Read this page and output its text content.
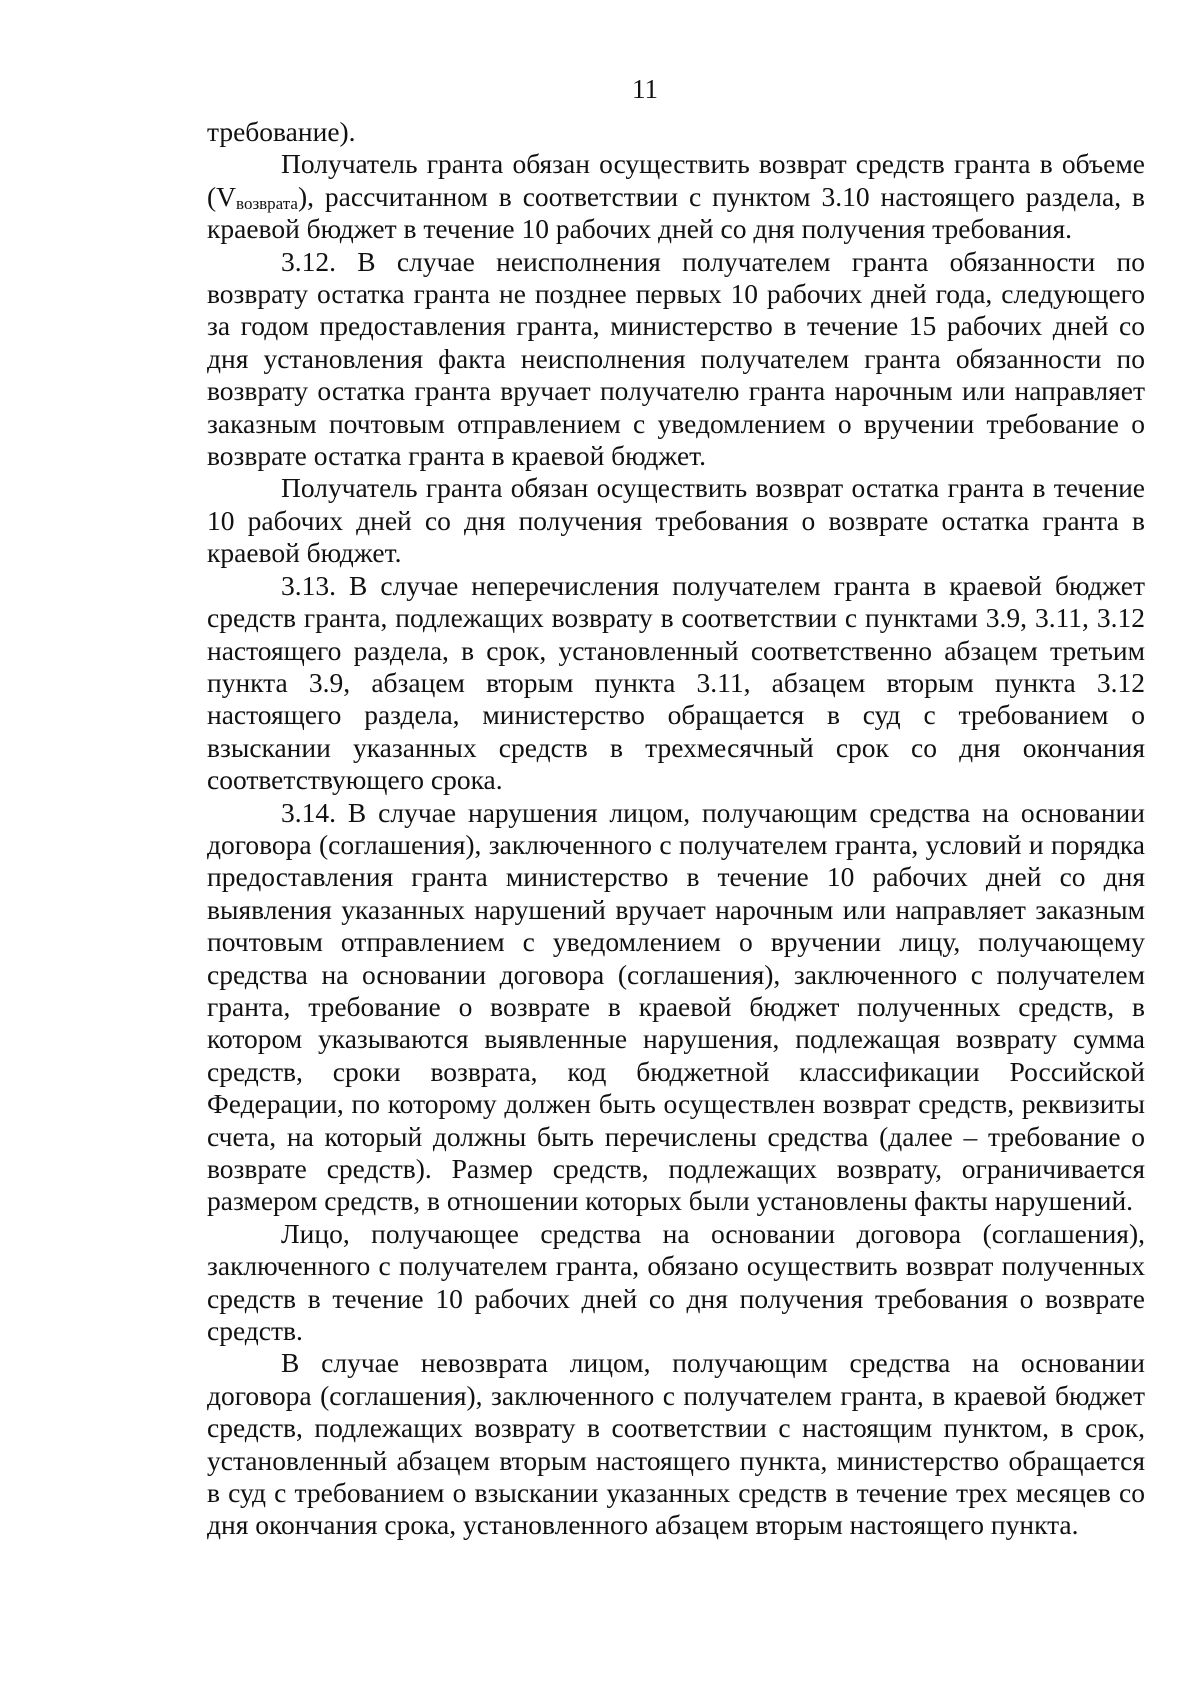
11

требование).

Получатель гранта обязан осуществить возврат средств гранта в объеме (Vвозврата), рассчитанном в соответствии с пунктом 3.10 настоящего раздела, в краевой бюджет в течение 10 рабочих дней со дня получения требования.

3.12. В случае неисполнения получателем гранта обязанности по возврату остатка гранта не позднее первых 10 рабочих дней года, следующего за годом предоставления гранта, министерство в течение 15 рабочих дней со дня установления факта неисполнения получателем гранта обязанности по возврату остатка гранта вручает получателю гранта нарочным или направляет заказным почтовым отправлением с уведомлением о вручении требование о возврате остатка гранта в краевой бюджет.

Получатель гранта обязан осуществить возврат остатка гранта в течение 10 рабочих дней со дня получения требования о возврате остатка гранта в краевой бюджет.

3.13. В случае неперечисления получателем гранта в краевой бюджет средств гранта, подлежащих возврату в соответствии с пунктами 3.9, 3.11, 3.12 настоящего раздела, в срок, установленный соответственно абзацем третьим пункта 3.9, абзацем вторым пункта 3.11, абзацем вторым пункта 3.12 настоящего раздела, министерство обращается в суд с требованием о взыскании указанных средств в трехмесячный срок со дня окончания соответствующего срока.

3.14. В случае нарушения лицом, получающим средства на основании договора (соглашения), заключенного с получателем гранта, условий и порядка предоставления гранта министерство в течение 10 рабочих дней со дня выявления указанных нарушений вручает нарочным или направляет заказным почтовым отправлением с уведомлением о вручении лицу, получающему средства на основании договора (соглашения), заключенного с получателем гранта, требование о возврате в краевой бюджет полученных средств, в котором указываются выявленные нарушения, подлежащая возврату сумма средств, сроки возврата, код бюджетной классификации Российской Федерации, по которому должен быть осуществлен возврат средств, реквизиты счета, на который должны быть перечислены средства (далее – требование о возврате средств). Размер средств, подлежащих возврату, ограничивается размером средств, в отношении которых были установлены факты нарушений.

Лицо, получающее средства на основании договора (соглашения), заключенного с получателем гранта, обязано осуществить возврат полученных средств в течение 10 рабочих дней со дня получения требования о возврате средств.

В случае невозврата лицом, получающим средства на основании договора (соглашения), заключенного с получателем гранта, в краевой бюджет средств, подлежащих возврату в соответствии с настоящим пунктом, в срок, установленный абзацем вторым настоящего пункта, министерство обращается в суд с требованием о взыскании указанных средств в течение трех месяцев со дня окончания срока, установленного абзацем вторым настоящего пункта.
